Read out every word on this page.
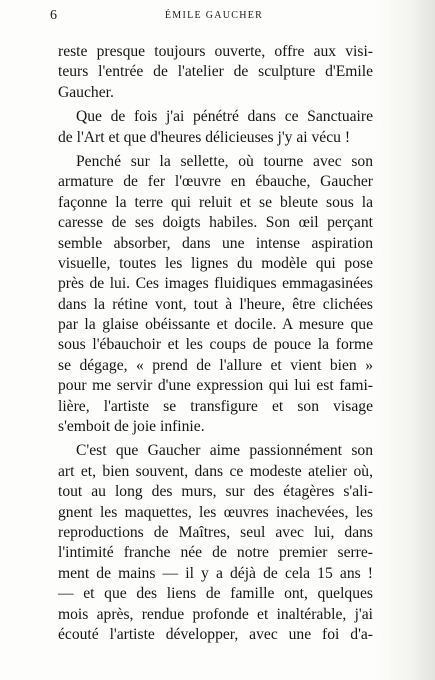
6	ÉMILE GAUCHER
reste presque toujours ouverte, offre aux visi-
teurs l'entrée de l'atelier de sculpture d'Emile
Gaucher.
Que de fois j'ai pénétré dans ce Sanctuaire
de l'Art et que d'heures délicieuses j'y ai vécu !
Penché sur la sellette, où tourne avec son
armature de fer l'œuvre en ébauche, Gaucher
façonne la terre qui reluit et se bleute sous la
caresse de ses doigts habiles. Son œil perçant
semble absorber, dans une intense aspiration
visuelle, toutes les lignes du modèle qui pose
près de lui. Ces images fluidiques emmagasinées
dans la rétine vont, tout à l'heure, être clichées
par la glaise obéissante et docile. A mesure que
sous l'ébauchoir et les coups de pouce la forme
se dégage, « prend de l'allure et vient bien »
pour me servir d'une expression qui lui est fami-
lière, l'artiste se transfigure et son visage
s'emboit de joie infinie.
C'est que Gaucher aime passionnément son
art et, bien souvent, dans ce modeste atelier où,
tout au long des murs, sur des étagères s'ali-
gnent les maquettes, les œuvres inachevées, les
reproductions de Maîtres, seul avec lui, dans
l'intimité franche née de notre premier serre-
ment de mains — il y a déjà de cela 15 ans !
— et que des liens de famille ont, quelques
mois après, rendue profonde et inaltérable, j'ai
écouté l'artiste développer, avec une foi d'a-
